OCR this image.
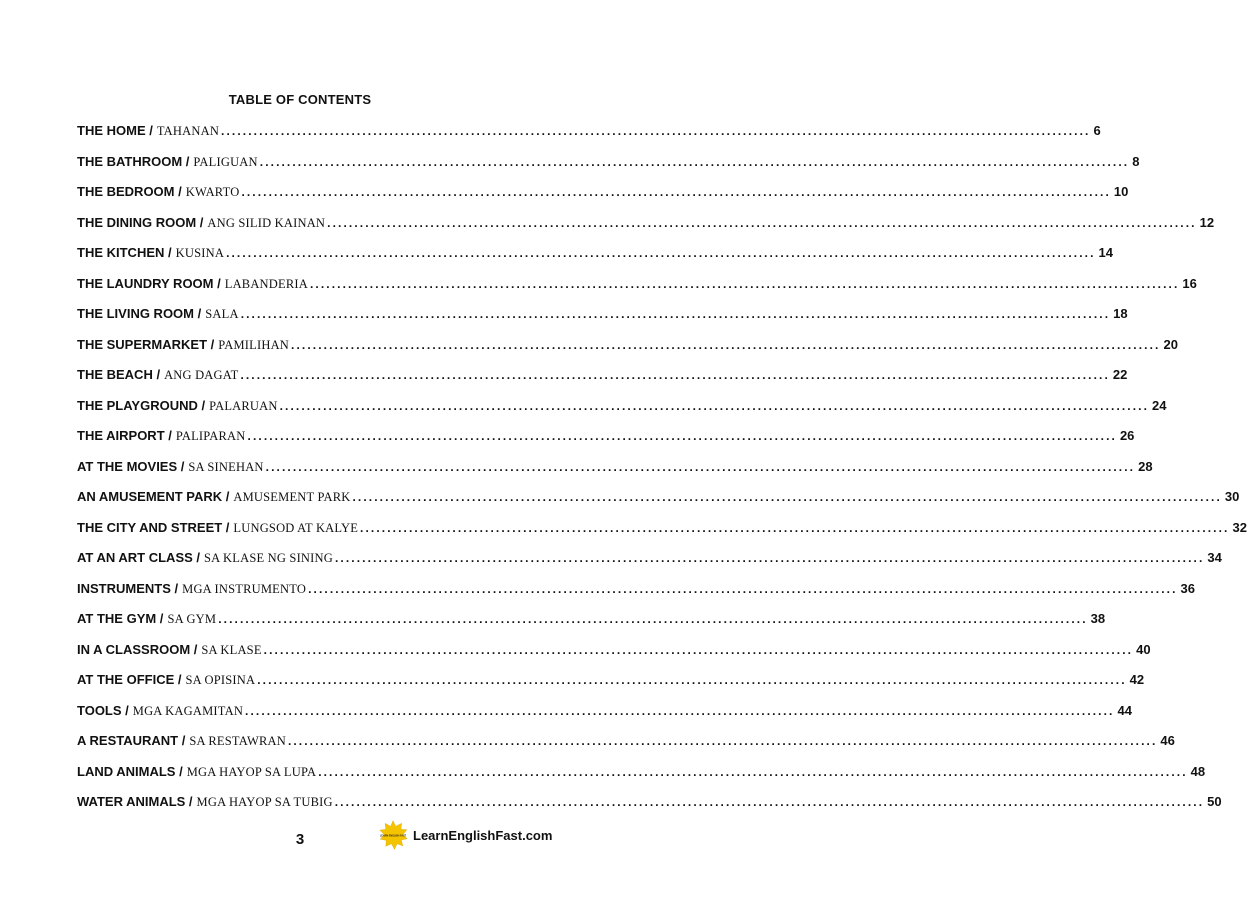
TABLE OF CONTENTS
THE HOME / TAHANAN ................................................................................................................................................................ 6
THE BATHROOM / PALIGUAN ................................................................................................................................................................ 8
THE BEDROOM / KWARTO ................................................................................................................................................................ 10
THE DINING ROOM / ANG SILID KAINAN ................................................................................................................................................................ 12
THE KITCHEN / KUSINA ................................................................................................................................................................ 14
THE LAUNDRY ROOM / LABANDERIA ................................................................................................................................................................ 16
THE LIVING ROOM / SALA ................................................................................................................................................................ 18
THE SUPERMARKET / PAMILIHAN ................................................................................................................................................................ 20
THE BEACH / ANG DAGAT ................................................................................................................................................................ 22
THE PLAYGROUND / PALARUAN ................................................................................................................................................................ 24
THE AIRPORT / PALIPARAN ................................................................................................................................................................ 26
AT THE MOVIES / SA SINEHAN ................................................................................................................................................................ 28
AN AMUSEMENT PARK / AMUSEMENT PARK ................................................................................................................................................................ 30
THE CITY AND STREET / LUNGSOD AT KALYE ................................................................................................................................................................ 32
AT AN ART CLASS / SA KLASE NG SINING ................................................................................................................................................................ 34
INSTRUMENTS / MGA INSTRUMENTO ................................................................................................................................................................ 36
AT THE GYM / SA GYM ................................................................................................................................................................ 38
IN A CLASSROOM / SA KLASE ................................................................................................................................................................ 40
AT THE OFFICE / SA OPISINA ................................................................................................................................................................ 42
TOOLS / MGA KAGAMITAN ................................................................................................................................................................ 44
A RESTAURANT / SA RESTAWRAN ................................................................................................................................................................ 46
LAND ANIMALS / MGA HAYOP SA LUPA ................................................................................................................................................................ 48
WATER ANIMALS / MGA HAYOP SA TUBIG ................................................................................................................................................................ 50
3	LEARN ENGLISH FAST LearnEnglishFast.com
